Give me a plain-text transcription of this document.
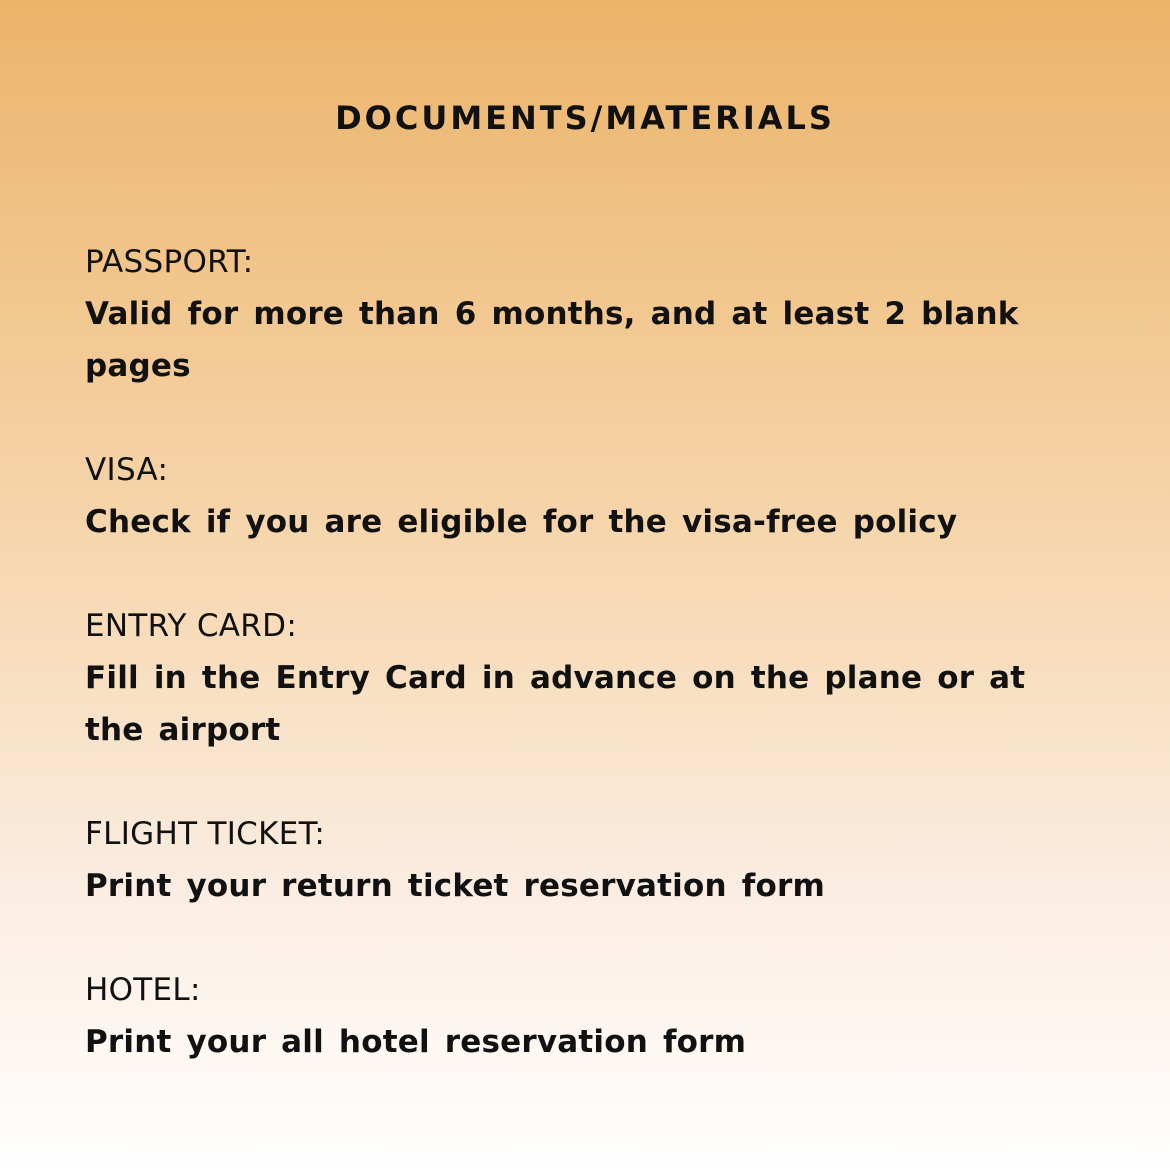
DOCUMENTS/MATERIALS

PASSPORT:

Valid for more than 6 months, and at least 2 blank pages

VISA:

Check if you are eligible for the visa-free policy

ENTRY CARD:

Fill in the Entry Card in advance on the plane or at the airport

FLIGHT TICKET:

Print your return ticket reservation form

HOTEL:

Print your all hotel reservation form
